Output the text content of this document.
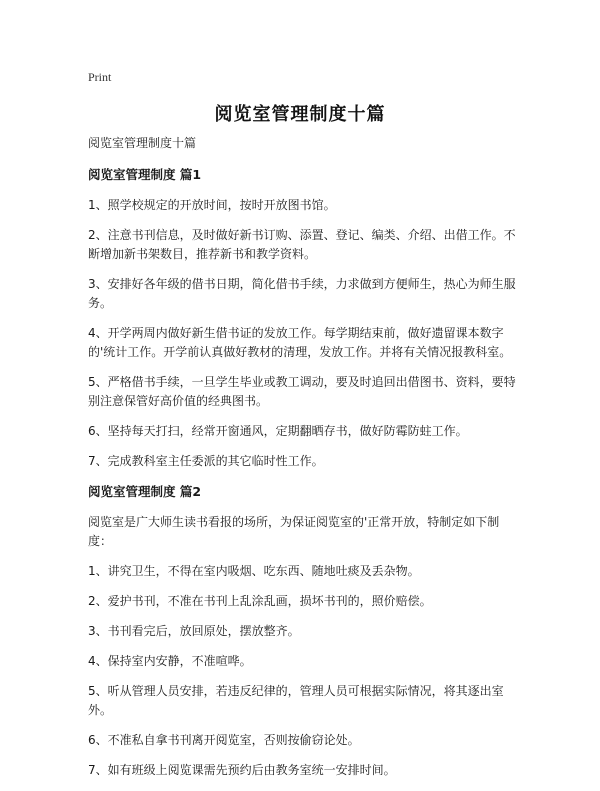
Print
阅览室管理制度十篇
阅览室管理制度十篇
阅览室管理制度 篇1

1、照学校规定的开放时间，按时开放图书馆。

2、注意书刊信息，及时做好新书订购、添置、登记、编类、介绍、出借工作。不断增加新书架数目，推荐新书和教学资料。

3、安排好各年级的借书日期，简化借书手续，力求做到方便师生，热心为师生服务。

4、开学两周内做好新生借书证的发放工作。每学期结束前，做好遗留课本数字的'统计工作。开学前认真做好教材的清理，发放工作。并将有关情况报教科室。

5、严格借书手续，一旦学生毕业或教工调动，要及时追回出借图书、资料，要特别注意保管好高价值的经典图书。

6、坚持每天打扫，经常开窗通风，定期翻晒存书，做好防霉防蛀工作。

7、完成教科室主任委派的其它临时性工作。

阅览室管理制度 篇2

阅览室是广大师生读书看报的场所，为保证阅览室的'正常开放，特制定如下制度：

1、讲究卫生，不得在室内吸烟、吃东西、随地吐痰及丢杂物。

2、爱护书刊，不准在书刊上乱涂乱画，损坏书刊的，照价赔偿。

3、书刊看完后，放回原处，摆放整齐。

4、保持室内安静，不准喧哗。

5、听从管理人员安排，若违反纪律的，管理人员可根据实际情况，将其逐出室外。

6、不准私自拿书刊离开阅览室，否则按偷窃论处。

7、如有班级上阅览课需先预约后由教务室统一安排时间。
